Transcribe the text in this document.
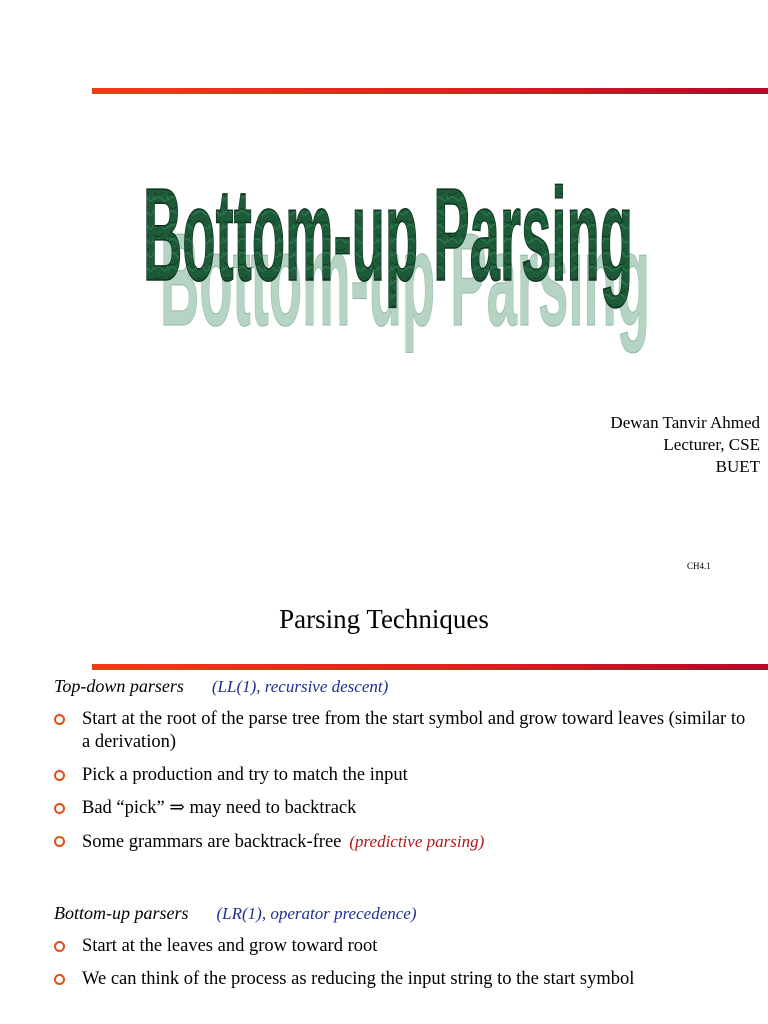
Bottom-up Parsing
Bottom-up Parsing
Dewan Tanvir Ahmed
Lecturer, CSE
BUET
CH4.1
Parsing Techniques
Top-down parsers (LL(1), recursive descent)
Start at the root of the parse tree from the start symbol and grow toward leaves (similar to a derivation)
Pick a production and try to match the input
Bad “pick” ⇒ may need to backtrack
Some grammars are backtrack-free (predictive parsing)
Bottom-up parsers (LR(1), operator precedence)
Start at the leaves and grow toward root
We can think of the process as reducing the input string to the start symbol
